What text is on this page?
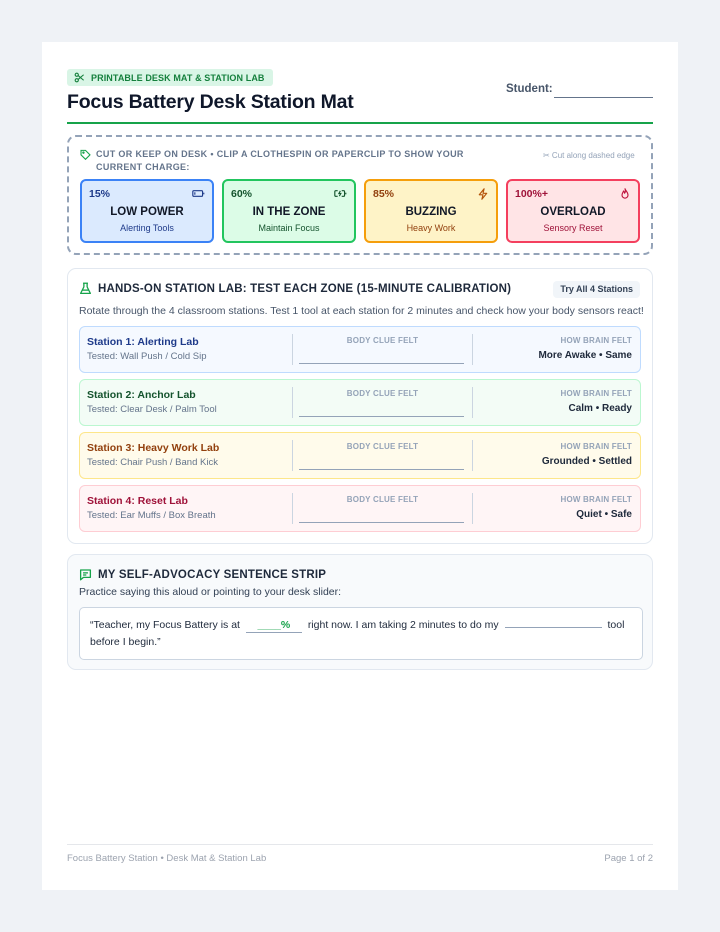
PRINTABLE DESK MAT & STATION LAB
Focus Battery Desk Station Mat
Student:
CUT OR KEEP ON DESK • CLIP A CLOTHESPIN OR PAPERCLIP TO SHOW YOUR CURRENT CHARGE:
✂ Cut along dashed edge
15%
LOW POWER
Alerting Tools
60%
IN THE ZONE
Maintain Focus
85%
BUZZING
Heavy Work
100%+
OVERLOAD
Sensory Reset
HANDS-ON STATION LAB: TEST EACH ZONE (15-MINUTE CALIBRATION)	Try All 4 Stations
Rotate through the 4 classroom stations. Test 1 tool at each station for 2 minutes and check how your body sensors react!
Station 1: Alerting Lab
Tested: Wall Push / Cold Sip
BODY CLUE FELT	HOW BRAIN FELT
More Awake • Same
Station 2: Anchor Lab
Tested: Clear Desk / Palm Tool
BODY CLUE FELT	HOW BRAIN FELT
Calm • Ready
Station 3: Heavy Work Lab
Tested: Chair Push / Band Kick
BODY CLUE FELT	HOW BRAIN FELT
Grounded • Settled
Station 4: Reset Lab
Tested: Ear Muffs / Box Breath
BODY CLUE FELT	HOW BRAIN FELT
Quiet • Safe
MY SELF-ADVOCACY SENTENCE STRIP
Practice saying this aloud or pointing to your desk slider:
“Teacher, my Focus Battery is at ____% right now. I am taking 2 minutes to do my	tool before I begin.”
Focus Battery Station • Desk Mat & Station Lab	Page 1 of 2
